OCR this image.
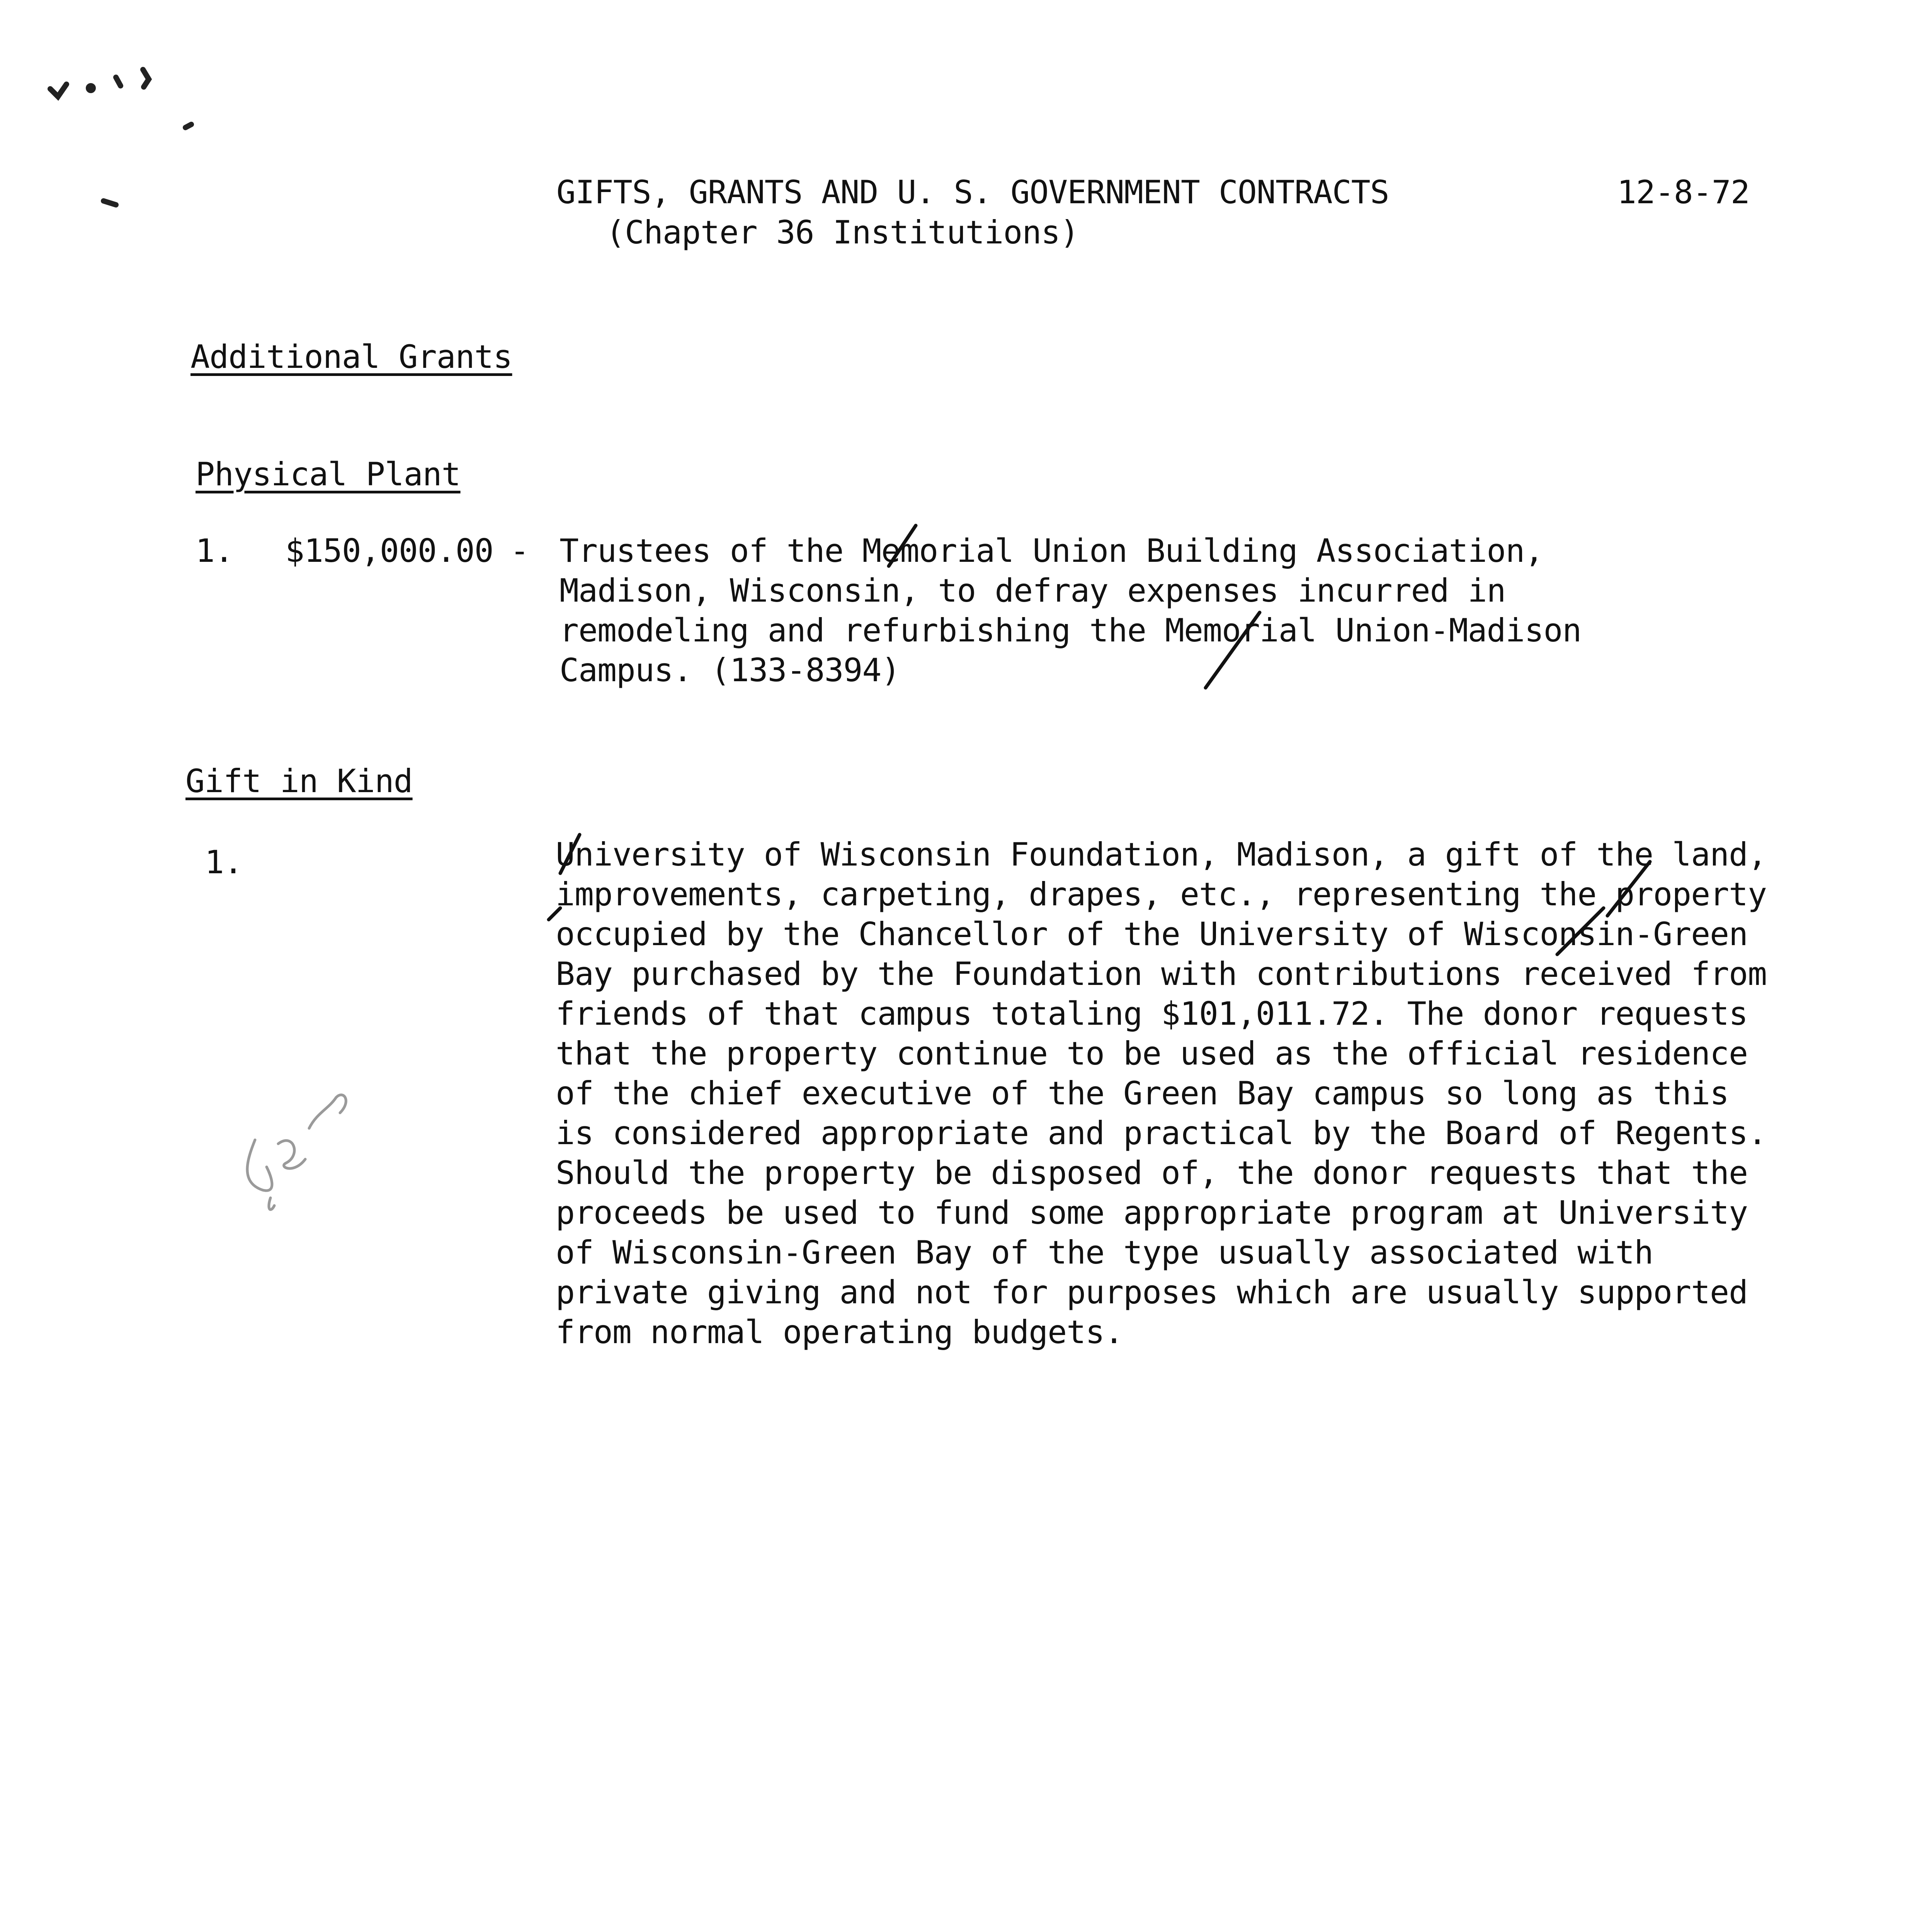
GIFTS, GRANTS AND U. S. GOVERNMENT CONTRACTS
(Chapter 36 Institutions)
12-8-72
Additional Grants
Physical Plant
1. $150,000.00 - Trustees of the Memorial Union Building Association,
Madison, Wisconsin, to defray expenses incurred in
remodeling and refurbishing the Memorial Union-Madison
Campus. (133-8394)
Gift in Kind
1.	University of Wisconsin Foundation, Madison, a gift of the land,
improvements, carpeting, drapes, etc., representing the property
occupied by the Chancellor of the University of Wisconsin-Green
Bay purchased by the Foundation with contributions received from
friends of that campus totaling $101,011.72. The donor requests
that the property continue to be used as the official residence
of the chief executive of the Green Bay campus so long as this
is considered appropriate and practical by the Board of Regents.
Should the property be disposed of, the donor requests that the
proceeds be used to fund some appropriate program at University
of Wisconsin-Green Bay of the type usually associated with
private giving and not for purposes which are usually supported
from normal operating budgets.
